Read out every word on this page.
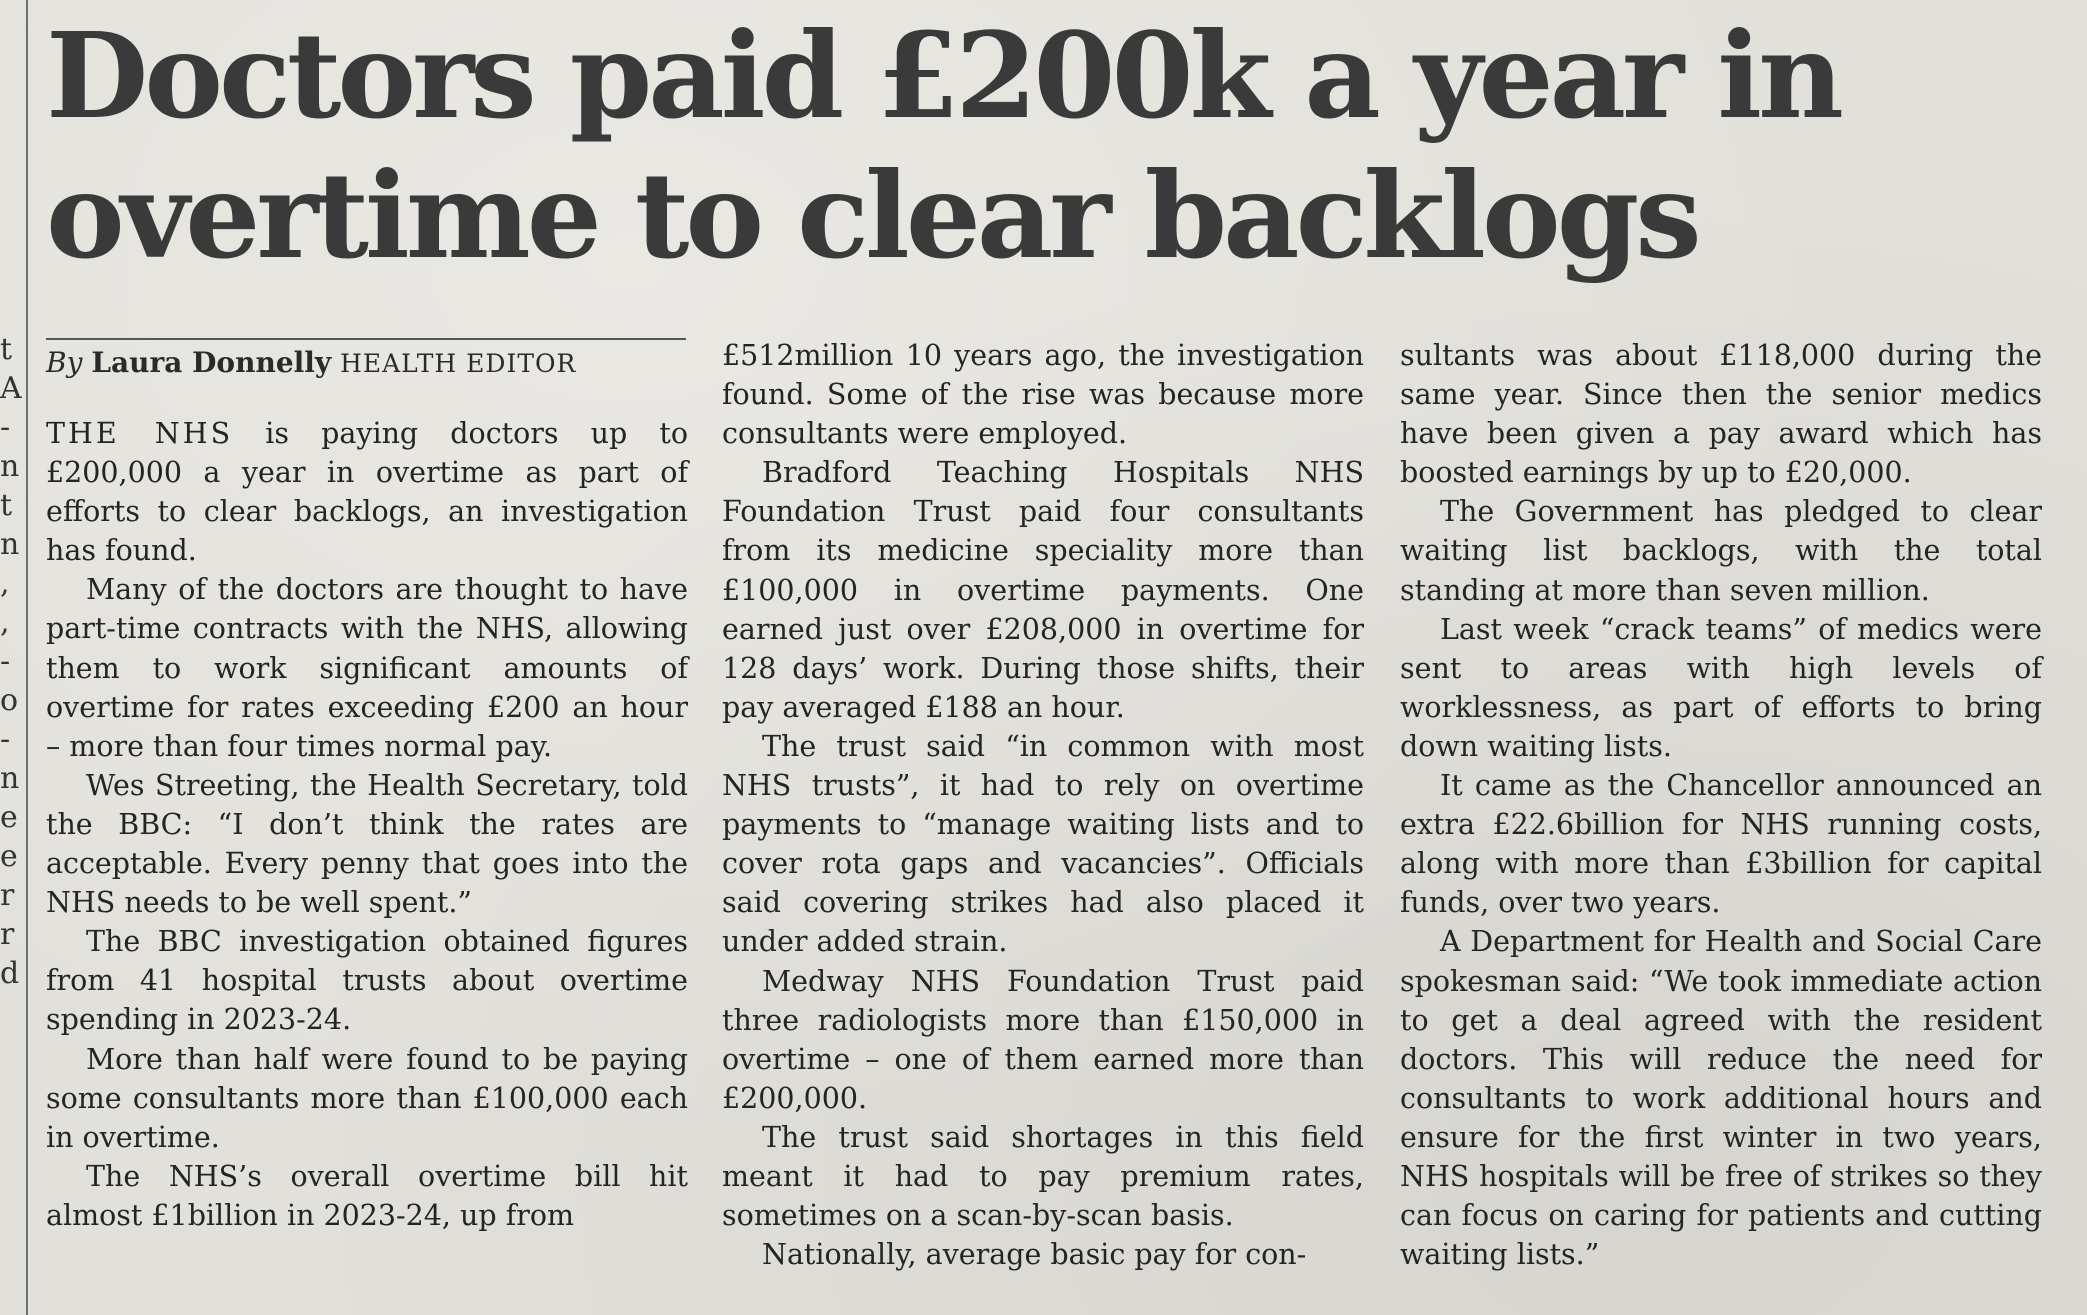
t
A
-
n
t
n
,
,
-
o
-
n
e
e
r
r
d
Doctors paid £200k a year in overtime to clear backlogs
By Laura Donnelly HEALTH EDITOR

THE NHS is paying doctors up to £200,000 a year in overtime as part of efforts to clear backlogs, an investigation has found.

Many of the doctors are thought to have part-time contracts with the NHS, allowing them to work significant amounts of overtime for rates exceeding £200 an hour – more than four times normal pay.

Wes Streeting, the Health Secretary, told the BBC: “I don’t think the rates are acceptable. Every penny that goes into the NHS needs to be well spent.”

The BBC investigation obtained figures from 41 hospital trusts about overtime spending in 2023-24.

More than half were found to be paying some consultants more than £100,000 each in overtime.

The NHS’s overall overtime bill hit almost £1billion in 2023-24, up from

£512million 10 years ago, the investigation found. Some of the rise was because more consultants were employed.

Bradford Teaching Hospitals NHS Foundation Trust paid four consultants from its medicine speciality more than £100,000 in overtime payments. One earned just over £208,000 in overtime for 128 days’ work. During those shifts, their pay averaged £188 an hour.

The trust said “in common with most NHS trusts”, it had to rely on overtime payments to “manage waiting lists and to cover rota gaps and vacancies”. Officials said covering strikes had also placed it under added strain.

Medway NHS Foundation Trust paid three radiologists more than £150,000 in overtime – one of them earned more than £200,000.

The trust said shortages in this field meant it had to pay premium rates, sometimes on a scan-by-scan basis.

Nationally, average basic pay for con-

sultants was about £118,000 during the same year. Since then the senior medics have been given a pay award which has boosted earnings by up to £20,000.

The Government has pledged to clear waiting list backlogs, with the total standing at more than seven million.

Last week “crack teams” of medics were sent to areas with high levels of worklessness, as part of efforts to bring down waiting lists.

It came as the Chancellor announced an extra £22.6billion for NHS running costs, along with more than £3billion for capital funds, over two years.

A Department for Health and Social Care spokesman said: “We took immediate action to get a deal agreed with the resident doctors. This will reduce the need for consultants to work additional hours and ensure for the first winter in two years, NHS hospitals will be free of strikes so they can focus on caring for patients and cutting waiting lists.”
